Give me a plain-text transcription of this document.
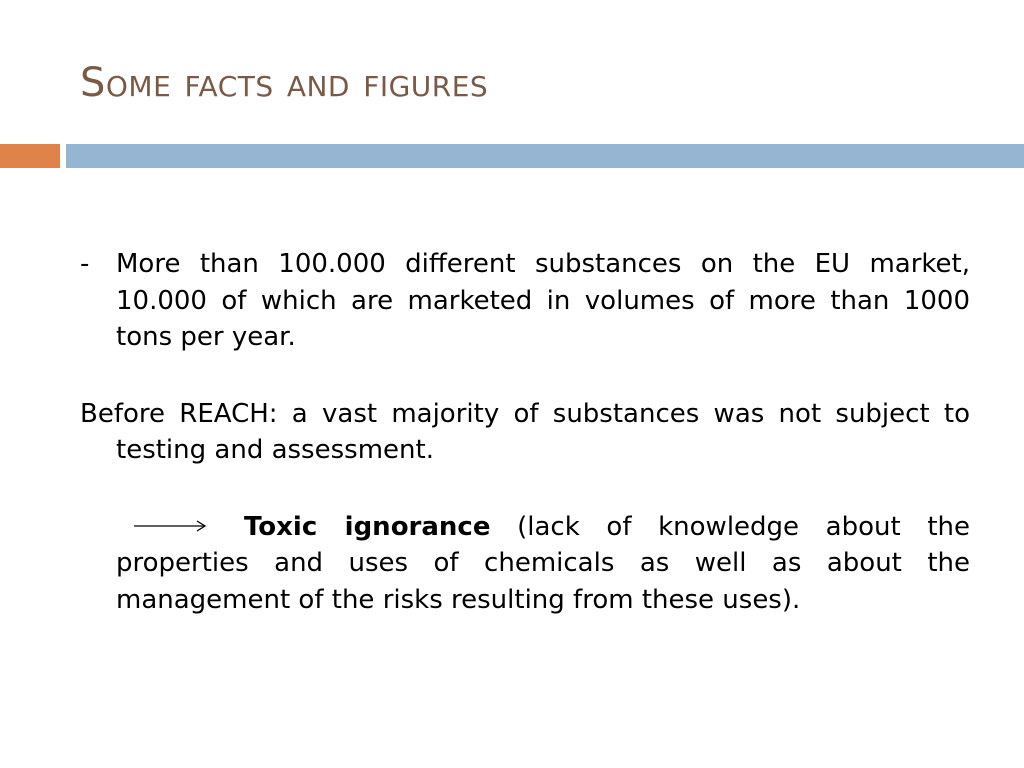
Some facts and figures

- More than 100.000 different substances on the EU market, 10.000 of which are marketed in volumes of more than 1000 tons per year.

Before REACH: a vast majority of substances was not subject to testing and assessment.

Toxic ignorance (lack of knowledge about the properties and uses of chemicals as well as about the management of the risks resulting from these uses).
